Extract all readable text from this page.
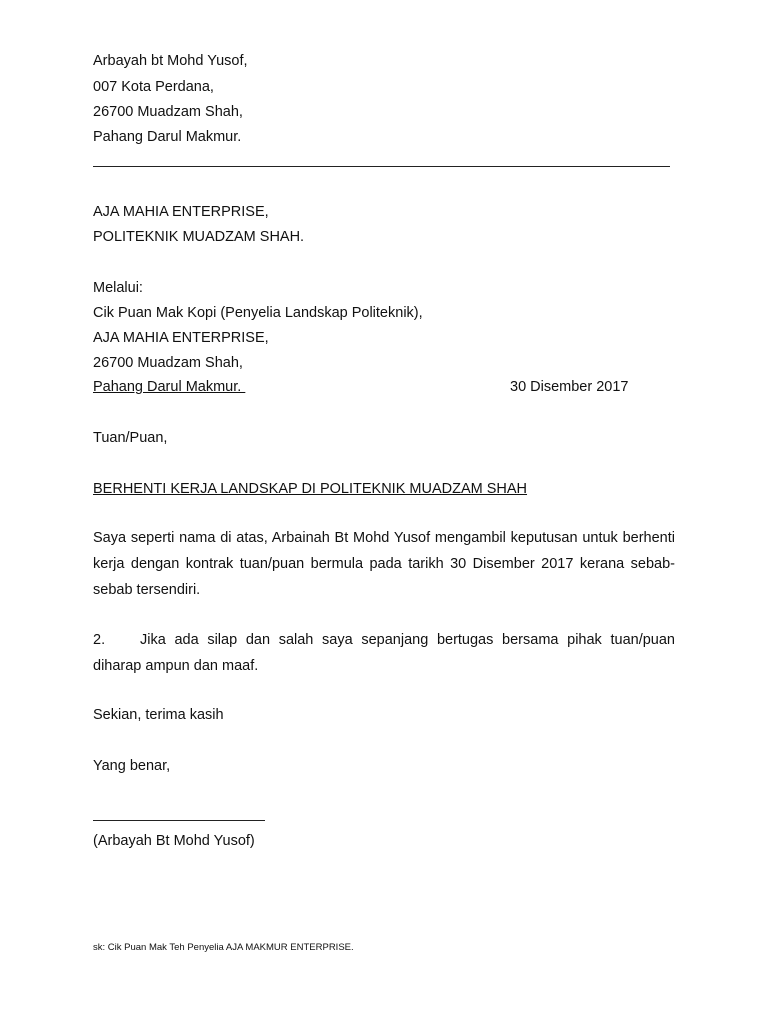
Arbayah bt Mohd Yusof,
007 Kota Perdana,
26700 Muadzam Shah,
Pahang Darul Makmur.
AJA MAHIA ENTERPRISE,
POLITEKNIK MUADZAM SHAH.
Melalui:
Cik Puan Mak Kopi (Penyelia Landskap Politeknik),
AJA MAHIA ENTERPRISE,
26700 Muadzam Shah,
Pahang Darul Makmur.	30 Disember 2017
Tuan/Puan,
BERHENTI KERJA LANDSKAP DI POLITEKNIK MUADZAM SHAH
Saya seperti nama di atas, Arbainah Bt Mohd Yusof mengambil keputusan untuk berhenti kerja dengan kontrak tuan/puan bermula pada tarikh 30 Disember 2017 kerana sebab-sebab tersendiri.
2. Jika ada silap dan salah saya sepanjang bertugas bersama pihak tuan/puan diharap ampun dan maaf.
Sekian, terima kasih
Yang benar,
(Arbayah Bt Mohd Yusof)
sk: Cik Puan Mak Teh Penyelia AJA MAKMUR ENTERPRISE.
